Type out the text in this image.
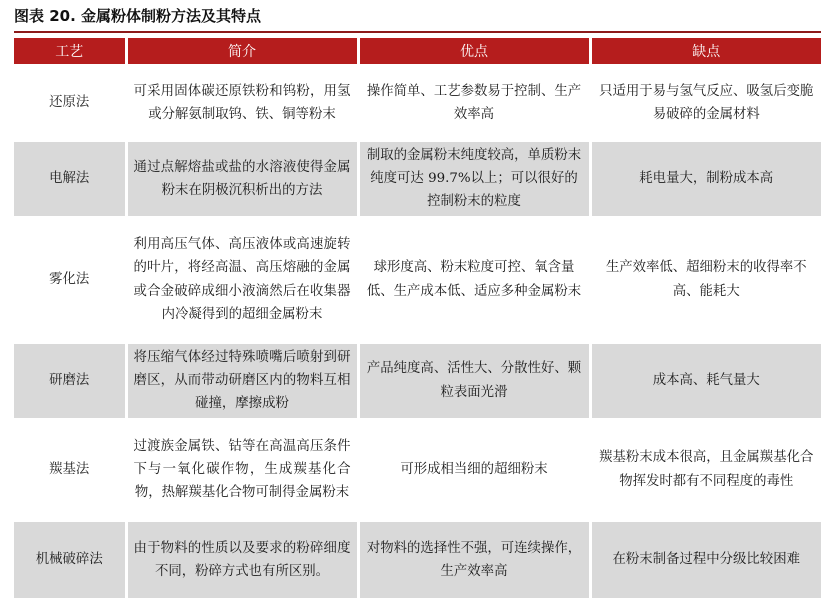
图表 20. 金属粉体制粉方法及其特点
工艺	简介	优点	缺点
还原法	可采用固体碳还原铁粉和钨粉，用氢或分解氨制取钨、铁、铜等粉末	操作简单、工艺参数易于控制、生产效率高	只适用于易与氢气反应、吸氢后变脆易破碎的金属材料
电解法	通过点解熔盐或盐的水溶液使得金属粉末在阴极沉积析出的方法	制取的金属粉末纯度较高，单质粉末纯度可达 99.7%以上；可以很好的控制粉末的粒度	耗电量大，制粉成本高
雾化法	利用高压气体、高压液体或高速旋转的叶片，将经高温、高压熔融的金属或合金破碎成细小液滴然后在收集器内冷凝得到的超细金属粉末	球形度高、粉末粒度可控、氧含量低、生产成本低、适应多种金属粉末	生产效率低、超细粉末的收得率不高、能耗大
研磨法	将压缩气体经过特殊喷嘴后喷射到研磨区，从而带动研磨区内的物料互相碰撞，摩擦成粉	产品纯度高、活性大、分散性好、颗粒表面光滑	成本高、耗气量大
羰基法	过渡族金属铁、钴等在高温高压条件下与一氧化碳作物，生成羰基化合物，热解羰基化合物可制得金属粉末	可形成相当细的超细粉末	羰基粉末成本很高，且金属羰基化合物挥发时都有不同程度的毒性
机械破碎法	由于物料的性质以及要求的粉碎细度不同，粉碎方式也有所区别。	对物料的选择性不强，可连续操作，生产效率高	在粉末制备过程中分级比较困难
